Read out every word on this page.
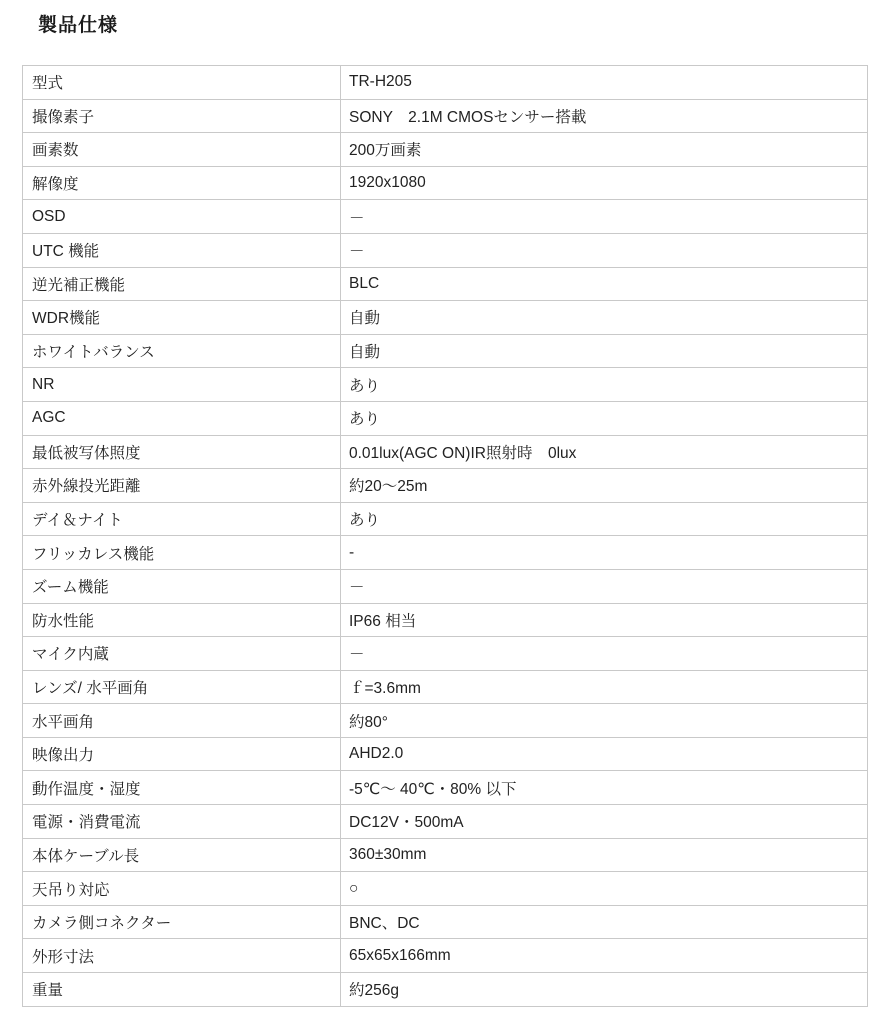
製品仕様
型式	TR-H205
撮像素子	SONY　2.1M CMOSセンサー搭載
画素数	200万画素
解像度	1920x1080
OSD	－
UTC 機能	－
逆光補正機能	BLC
WDR機能	自動
ホワイトバランス	自動
NR	あり
AGC	あり
最低被写体照度	0.01lux(AGC ON)IR照射時　0lux
赤外線投光距離	約20〜25m
デイ＆ナイト	あり
フリッカレス機能	-
ズーム機能	－
防水性能	IP66 相当
マイク内蔵	－
レンズ/ 水平画角	ｆ=3.6mm
水平画角	約80°
映像出力	AHD2.0
動作温度・湿度	-5℃〜 40℃・80% 以下
電源・消費電流	DC12V・500mA
本体ケーブル長	360±30mm
天吊り対応	○
カメラ側コネクター	BNC、DC
外形寸法	65x65x166mm
重量	約256g
